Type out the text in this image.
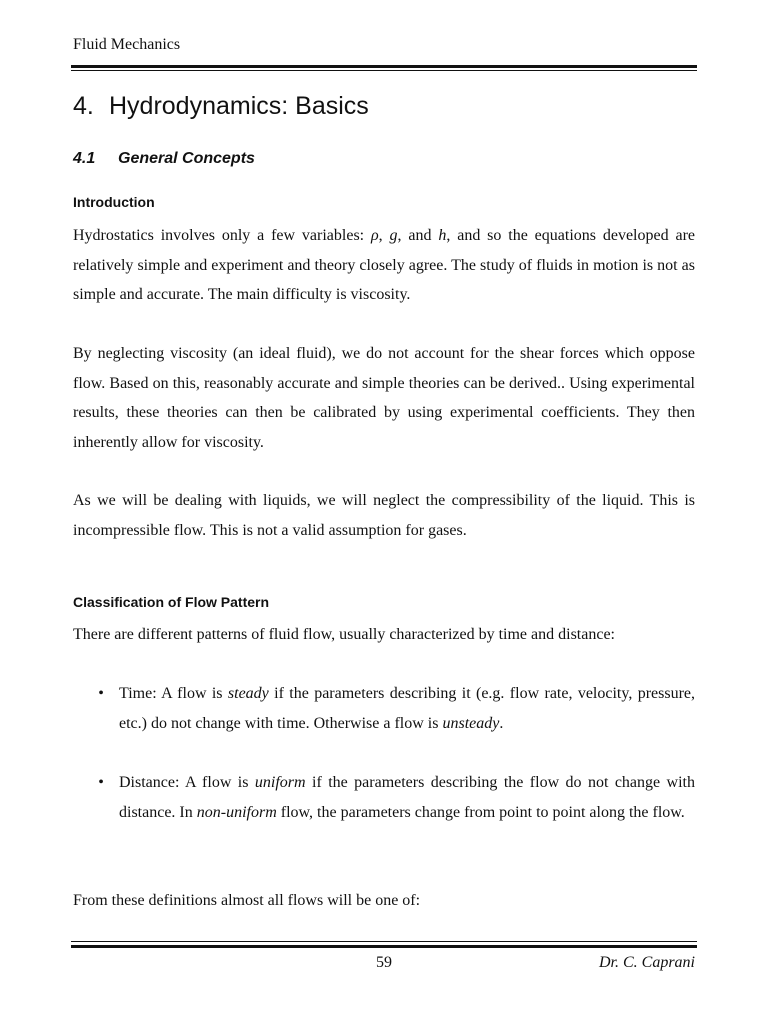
Fluid Mechanics
4. Hydrodynamics: Basics
4.1 General Concepts
Introduction

Hydrostatics involves only a few variables: ρ, g, and h, and so the equations developed are relatively simple and experiment and theory closely agree. The study of fluids in motion is not as simple and accurate. The main difficulty is viscosity.

By neglecting viscosity (an ideal fluid), we do not account for the shear forces which oppose flow. Based on this, reasonably accurate and simple theories can be derived.. Using experimental results, these theories can then be calibrated by using experimental coefficients. They then inherently allow for viscosity.

As we will be dealing with liquids, we will neglect the compressibility of the liquid. This is incompressible flow. This is not a valid assumption for gases.

Classification of Flow Pattern

There are different patterns of fluid flow, usually characterized by time and distance:

• Time: A flow is steady if the parameters describing it (e.g. flow rate, velocity, pressure, etc.) do not change with time. Otherwise a flow is unsteady.
• Distance: A flow is uniform if the parameters describing the flow do not change with distance. In non-uniform flow, the parameters change from point to point along the flow.

From these definitions almost all flows will be one of:

59	Dr. C. Caprani
